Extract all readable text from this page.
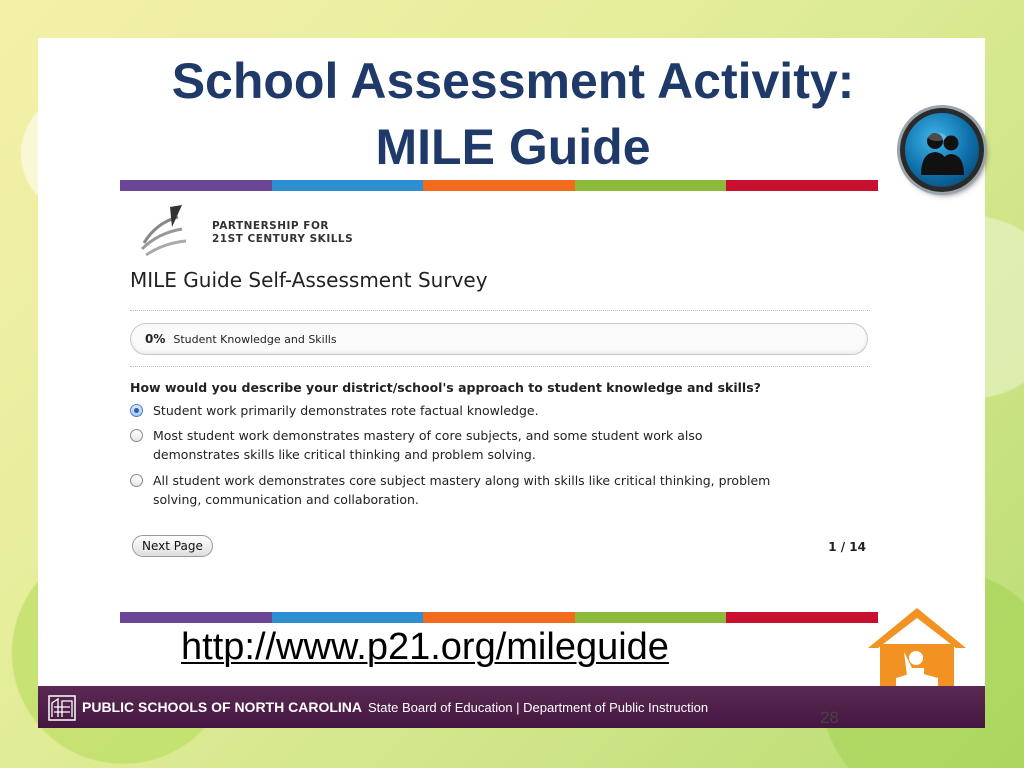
School Assessment Activity:
MILE Guide
PARTNERSHIP FOR
21ST CENTURY SKILLS
MILE Guide Self-Assessment Survey
0% Student Knowledge and Skills
How would you describe your district/school's approach to student knowledge and skills?
Student work primarily demonstrates rote factual knowledge.
Most student work demonstrates mastery of core subjects, and some student work also
demonstrates skills like critical thinking and problem solving.
All student work demonstrates core subject mastery along with skills like critical thinking, problem
solving, communication and collaboration.
Next Page	1 / 14
http://www.p21.org/mileguide
PUBLIC SCHOOLS OF NORTH CAROLINA State Board of Education | Department of Public Instruction
28
